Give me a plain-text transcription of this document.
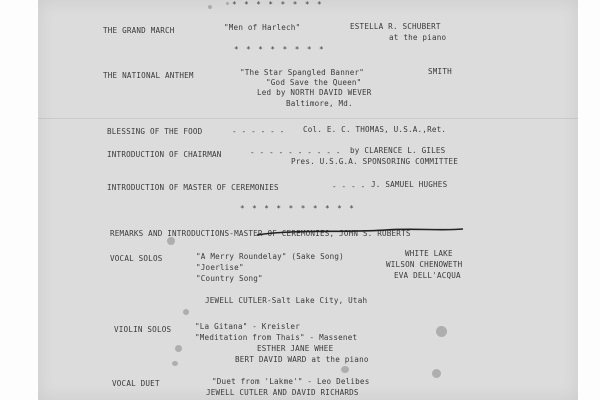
* * * * * * * *
THE GRAND MARCH	"Men of Harlech"	ESTELLA R. SCHUBERT
at the piano
* * * * * * * *
THE NATIONAL ANTHEM	"The Star Spangled Banner"	SMITH
"God Save the Queen"
Led by NORTH DAVID WEVER
Baltimore, Md.
BLESSING OF THE FOOD	- - - - - - Col. E. C. THOMAS, U.S.A.,Ret.
INTRODUCTION OF CHAIRMAN	- - - - - - - - - - by CLARENCE L. GILES
Pres. U.S.G.A. SPONSORING COMMITTEE
INTRODUCTION OF MASTER OF CEREMONIES	- - - - J. SAMUEL HUGHES
* * * * * * * * * *
REMARKS AND INTRODUCTIONS-MASTER OF CEREMONIES, JOHN S. ROBERTS
VOCAL SOLOS	"A Merry Roundelay" (Sake Song)	WHITE LAKE
"Joerlise"	WILSON CHENOWETH
"Country Song"	EVA DELL'ACQUA
JEWELL CUTLER-Salt Lake City, Utah
VIOLIN SOLOS	"La Gitana" - Kreisler
"Meditation from Thais" - Massenet
ESTHER JANE WHEE
BERT DAVID WARD at the piano
VOCAL DUET	"Duet from 'Lakme'" - Leo Delibes
JEWELL CUTLER AND DAVID RICHARDS
